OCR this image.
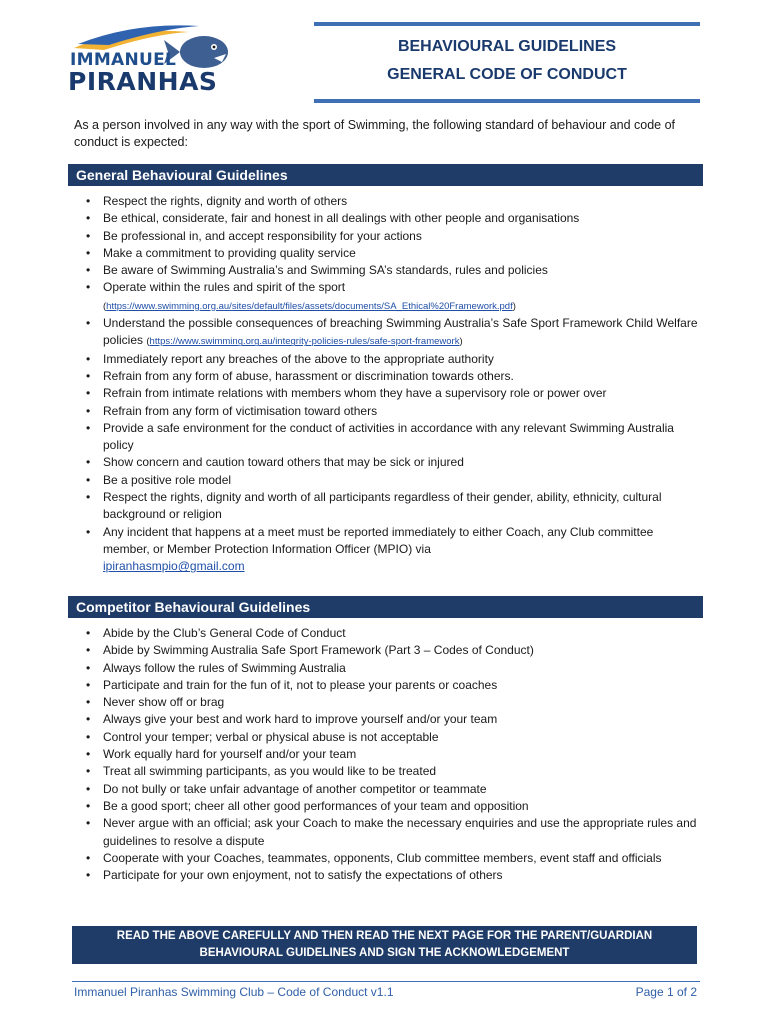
IMMANUEL
PIRANHAS
BEHAVIOURAL GUIDELINES
GENERAL CODE OF CONDUCT
As a person involved in any way with the sport of Swimming, the following standard of behaviour and code of conduct is expected:
General Behavioural Guidelines
• Respect the rights, dignity and worth of others
• Be ethical, considerate, fair and honest in all dealings with other people and organisations
• Be professional in, and accept responsibility for your actions
• Make a commitment to providing quality service
• Be aware of Swimming Australia’s and Swimming SA’s standards, rules and policies
• Operate within the rules and spirit of the sport
(https://www.swimming.org.au/sites/default/files/assets/documents/SA_Ethical%20Framework.pdf)
• Understand the possible consequences of breaching Swimming Australia’s Safe Sport Framework Child Welfare policies (https://www.swimming.org.au/integrity-policies-rules/safe-sport-framework)
• Immediately report any breaches of the above to the appropriate authority
• Refrain from any form of abuse, harassment or discrimination towards others.
• Refrain from intimate relations with members whom they have a supervisory role or power over
• Refrain from any form of victimisation toward others
• Provide a safe environment for the conduct of activities in accordance with any relevant Swimming Australia policy
• Show concern and caution toward others that may be sick or injured
• Be a positive role model
• Respect the rights, dignity and worth of all participants regardless of their gender, ability, ethnicity, cultural background or religion
• Any incident that happens at a meet must be reported immediately to either Coach, any Club committee member, or Member Protection Information Officer (MPIO) via
ipiranhasmpio@gmail.com
Competitor Behavioural Guidelines
• Abide by the Club’s General Code of Conduct
• Abide by Swimming Australia Safe Sport Framework (Part 3 – Codes of Conduct)
• Always follow the rules of Swimming Australia
• Participate and train for the fun of it, not to please your parents or coaches
• Never show off or brag
• Always give your best and work hard to improve yourself and/or your team
• Control your temper; verbal or physical abuse is not acceptable
• Work equally hard for yourself and/or your team
• Treat all swimming participants, as you would like to be treated
• Do not bully or take unfair advantage of another competitor or teammate
• Be a good sport; cheer all other good performances of your team and opposition
• Never argue with an official; ask your Coach to make the necessary enquiries and use the appropriate rules and guidelines to resolve a dispute
• Cooperate with your Coaches, teammates, opponents, Club committee members, event staff and officials
• Participate for your own enjoyment, not to satisfy the expectations of others
READ THE ABOVE CAREFULLY AND THEN READ THE NEXT PAGE FOR THE PARENT/GUARDIAN
BEHAVIOURAL GUIDELINES AND SIGN THE ACKNOWLEDGEMENT
Immanuel Piranhas Swimming Club – Code of Conduct v1.1	Page 1 of 2
